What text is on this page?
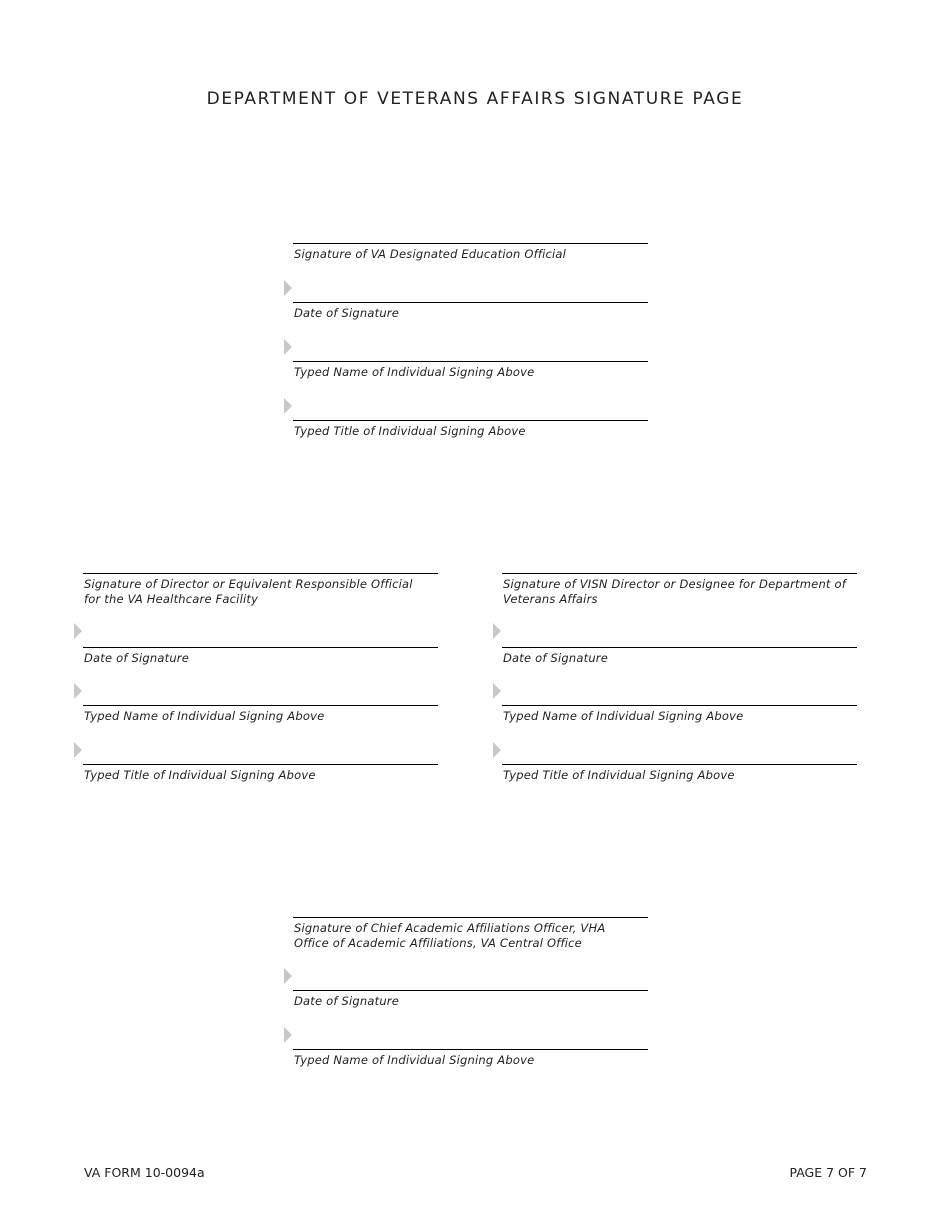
DEPARTMENT OF VETERANS AFFAIRS SIGNATURE PAGE
Signature of VA Designated Education Official
Date of Signature
Typed Name of Individual Signing Above
Typed Title of Individual Signing Above
Signature of Director or Equivalent Responsible Official for the VA Healthcare Facility
Date of Signature
Typed Name of Individual Signing Above
Typed Title of Individual Signing Above
Signature of VISN Director or Designee for Department of Veterans Affairs
Date of Signature
Typed Name of Individual Signing Above
Typed Title of Individual Signing Above
Signature of Chief Academic Affiliations Officer, VHA Office of Academic Affiliations, VA Central Office
Date of Signature
Typed Name of Individual Signing Above
VA FORM 10-0094a	PAGE 7 OF 7
